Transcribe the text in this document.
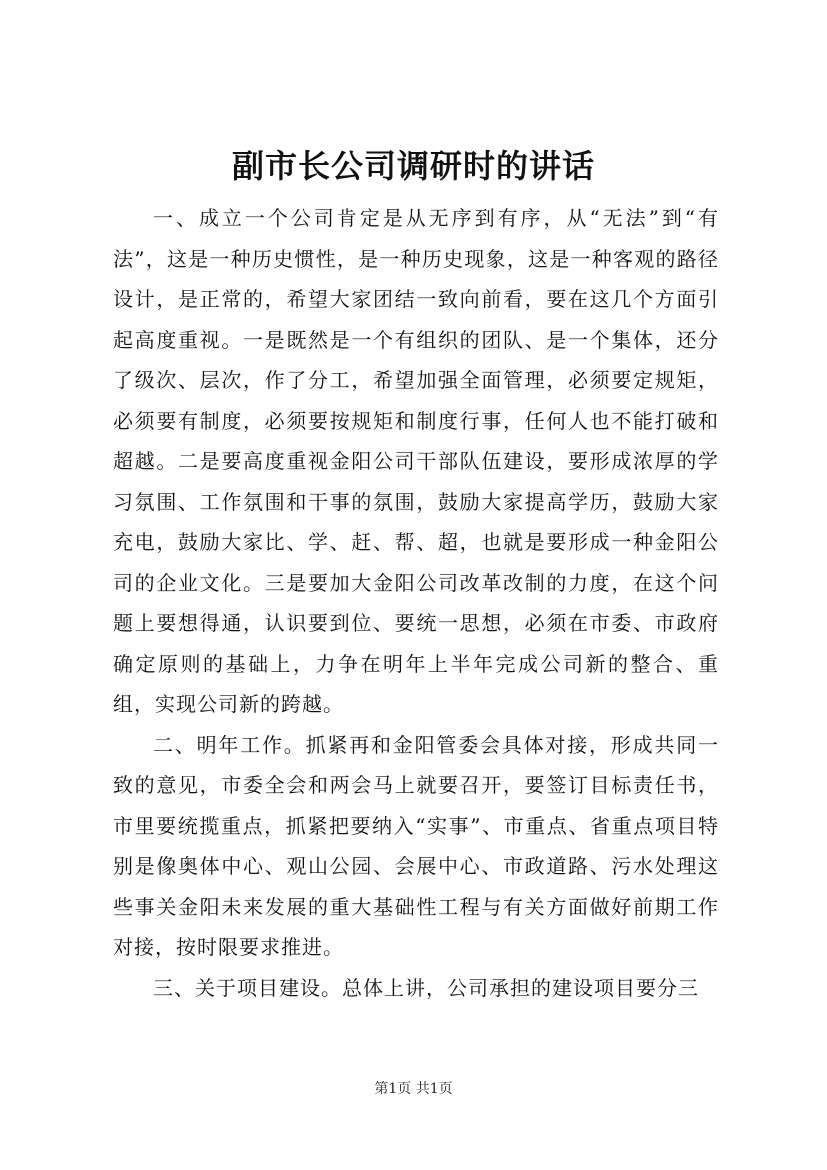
副市长公司调研时的讲话

一、成立一个公司肯定是从无序到有序，从“无法”到“有法”，这是一种历史惯性，是一种历史现象，这是一种客观的路径设计，是正常的，希望大家团结一致向前看，要在这几个方面引起高度重视。一是既然是一个有组织的团队、是一个集体，还分了级次、层次，作了分工，希望加强全面管理，必须要定规矩，必须要有制度，必须要按规矩和制度行事，任何人也不能打破和超越。二是要高度重视金阳公司干部队伍建设，要形成浓厚的学习氛围、工作氛围和干事的氛围，鼓励大家提高学历，鼓励大家充电，鼓励大家比、学、赶、帮、超，也就是要形成一种金阳公司的企业文化。三是要加大金阳公司改革改制的力度，在这个问题上要想得通，认识要到位、要统一思想，必须在市委、市政府确定原则的基础上，力争在明年上半年完成公司新的整合、重组，实现公司新的跨越。

二、明年工作。抓紧再和金阳管委会具体对接，形成共同一致的意见，市委全会和两会马上就要召开，要签订目标责任书，市里要统揽重点，抓紧把要纳入“实事”、市重点、省重点项目特别是像奥体中心、观山公园、会展中心、市政道路、污水处理这些事关金阳未来发展的重大基础性工程与有关方面做好前期工作对接，按时限要求推进。

三、关于项目建设。总体上讲，公司承担的建设项目要分三

第1页 共1页
